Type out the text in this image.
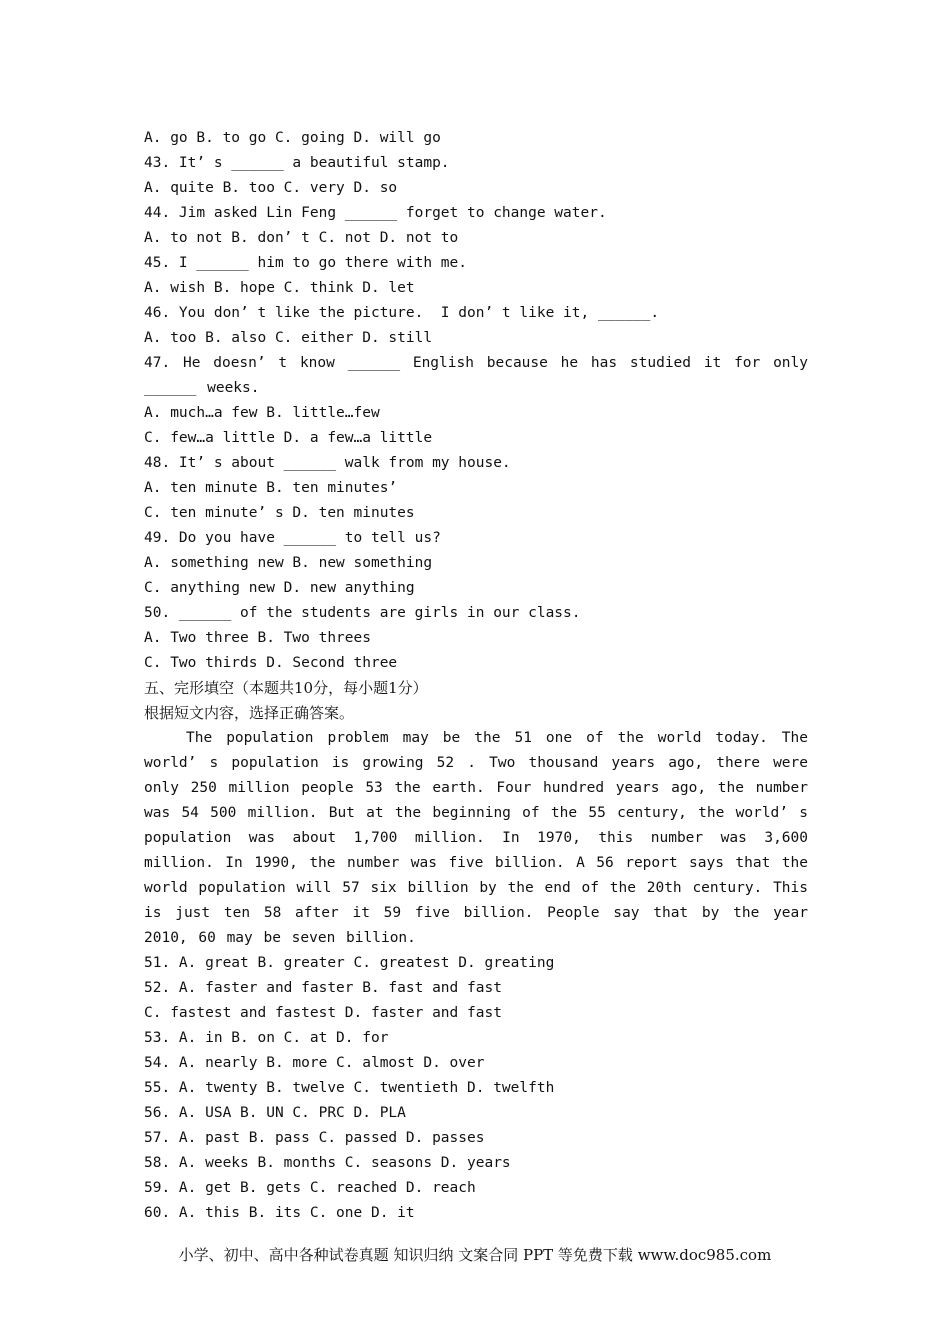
A. go B. to go C. going D. will go
43. It’ s ______ a beautiful stamp.
A. quite B. too C. very D. so
44. Jim asked Lin Feng ______ forget to change water.
A. to not B. don’ t C. not D. not to
45. I ______ him to go there with me.
A. wish B. hope C. think D. let
46. You don’ t like the picture.  I don’ t like it, ______.
A. too B. also C. either D. still
47. He doesn’ t know ______ English because he has studied it for only ______ weeks.
A. much…a few B. little…few
C. few…a little D. a few…a little
48. It’ s about ______ walk from my house.
A. ten minute B. ten minutes’
C. ten minute’ s D. ten minutes
49. Do you have ______ to tell us?
A. something new B. new something
C. anything new D. new anything
50. ______ of the students are girls in our class.
A. Two three B. Two threes
C. Two thirds D. Second three
五、完形填空（本题共10分，每小题1分）
根据短文内容，选择正确答案。
The population problem may be the 51 one of the world today. The world’ s population is growing 52 . Two thousand years ago, there were only 250 million people 53 the earth. Four hundred years ago, the number was 54 500 million. But at the beginning of the 55 century, the world’ s population was about 1,700 million. In 1970, this number was 3,600 million. In 1990, the number was five billion. A 56 report says that the world population will 57 six billion by the end of the 20th century. This is just ten 58 after it 59 five billion. People say that by the year 2010, 60 may be seven billion.
51. A. great B. greater C. greatest D. greating
52. A. faster and faster B. fast and fast
C. fastest and fastest D. faster and fast
53. A. in B. on C. at D. for
54. A. nearly B. more C. almost D. over
55. A. twenty B. twelve C. twentieth D. twelfth
56. A. USA B. UN C. PRC D. PLA
57. A. past B. pass C. passed D. passes
58. A. weeks B. months C. seasons D. years
59. A. get B. gets C. reached D. reach
60. A. this B. its C. one D. it
小学、初中、高中各种试卷真题 知识归纳 文案合同 PPT 等免费下载 www.doc985.com
